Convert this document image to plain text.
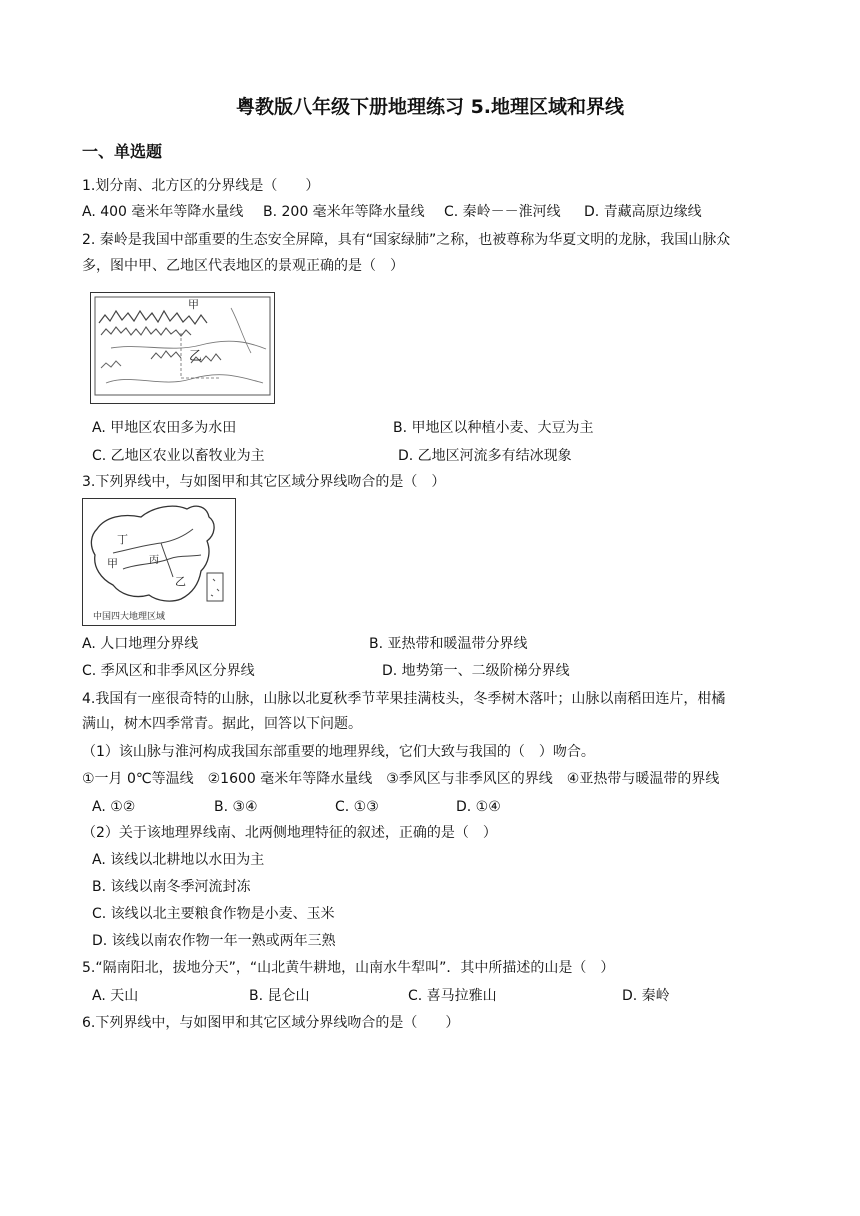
粤教版八年级下册地理练习 5.地理区域和界线
一、单选题
1.划分南、北方区的分界线是（　　）
A. 400 毫米年等降水量线 B. 200 毫米年等降水量线 C. 秦岭－－淮河线 D. 青藏高原边缘线
2. 秦岭是我国中部重要的生态安全屏障，具有“国家绿肺”之称，也被尊称为华夏文明的龙脉，我国山脉众
多，图中甲、乙地区代表地区的景观正确的是（　）
甲
乙
A. 甲地区农田多为水田	B. 甲地区以种植小麦、大豆为主
C. 乙地区农业以畜牧业为主	D. 乙地区河流多有结冰现象
3.下列界线中，与如图甲和其它区域分界线吻合的是（　）
丁
甲	丙
乙
中国四大地理区域
A. 人口地理分界线	B. 亚热带和暖温带分界线
C. 季风区和非季风区分界线	D. 地势第一、二级阶梯分界线
4.我国有一座很奇特的山脉，山脉以北夏秋季节苹果挂满枝头，冬季树木落叶；山脉以南稻田连片，柑橘
满山，树木四季常青。据此，回答以下问题。
（1）该山脉与淮河构成我国东部重要的地理界线，它们大致与我国的（　）吻合。
①一月 0℃等温线　②1600 毫米年等降水量线　③季风区与非季风区的界线　④亚热带与暖温带的界线
A. ①②	B. ③④	C. ①③	D. ①④
（2）关于该地理界线南、北两侧地理特征的叙述，正确的是（　）
A. 该线以北耕地以水田为主
B. 该线以南冬季河流封冻
C. 该线以北主要粮食作物是小麦、玉米
D. 该线以南农作物一年一熟或两年三熟
5.“隔南阳北，拔地分天”，“山北黄牛耕地，山南水牛犁叫”．其中所描述的山是（　）
A. 天山	B. 昆仑山	C. 喜马拉雅山	D. 秦岭
6.下列界线中，与如图甲和其它区域分界线吻合的是（　　）
